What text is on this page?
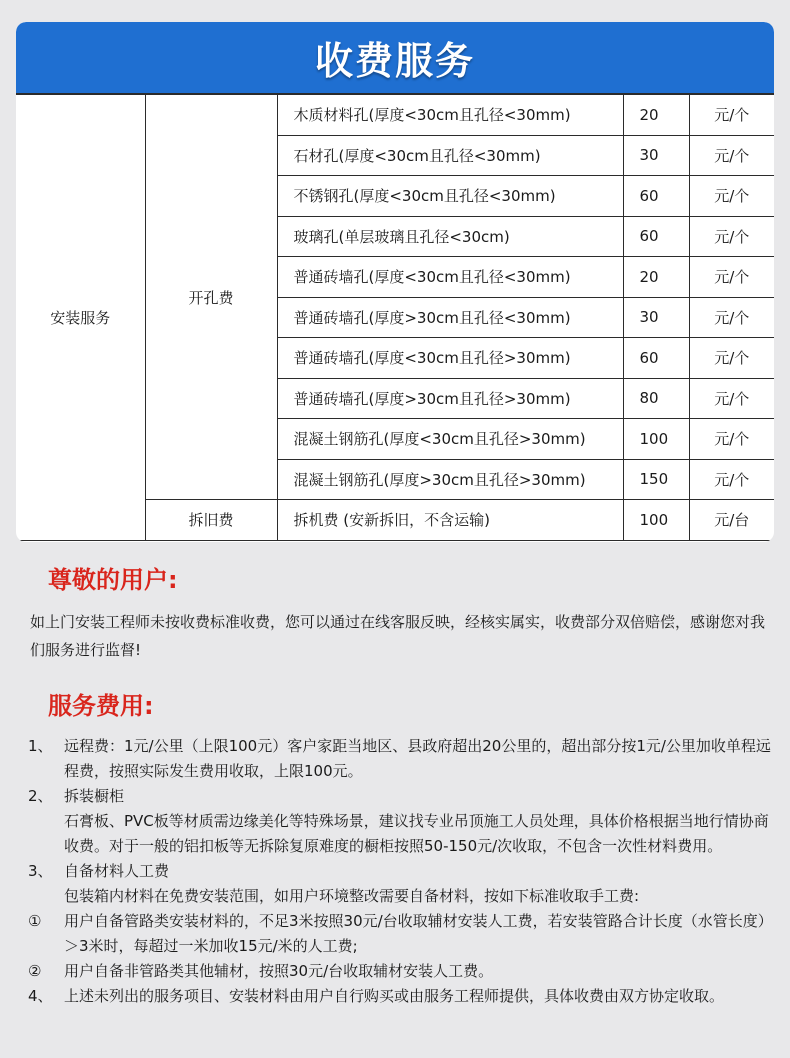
收费服务
安装服务	开孔费	木质材料孔(厚度<30cm且孔径<30mm)	20	元/个
		石材孔(厚度<30cm且孔径<30mm)	30	元/个
		不锈钢孔(厚度<30cm且孔径<30mm)	60	元/个
		玻璃孔(单层玻璃且孔径<30cm)	60	元/个
		普通砖墙孔(厚度<30cm且孔径<30mm)	20	元/个
		普通砖墙孔(厚度>30cm且孔径<30mm)	30	元/个
		普通砖墙孔(厚度<30cm且孔径>30mm)	60	元/个
		普通砖墙孔(厚度>30cm且孔径>30mm)	80	元/个
		混凝土钢筋孔(厚度<30cm且孔径>30mm)	100	元/个
		混凝土钢筋孔(厚度>30cm且孔径>30mm)	150	元/个
	拆旧费	拆机费 (安新拆旧，不含运输)	100	元/台
尊敬的用户:
如上门安装工程师未按收费标准收费，您可以通过在线客服反映，经核实属实，收费部分双倍赔偿，感谢您对我们服务进行监督!
服务费用:
1、 远程费：1元/公里（上限100元）客户家距当地区、县政府超出20公里的，超出部分按1元/公里加收单程远程费，按照实际发生费用收取，上限100元。
2、 拆装橱柜
石膏板、PVC板等材质需边缘美化等特殊场景，建议找专业吊顶施工人员处理，具体价格根据当地行情协商收费。对于一般的铝扣板等无拆除复原难度的橱柜按照50-150元/次收取，不包含一次性材料费用。
3、 自备材料人工费
包装箱内材料在免费安装范围，如用户环境整改需要自备材料，按如下标准收取手工费:
①	用户自备管路类安装材料的，不足3米按照30元/台收取辅材安装人工费，若安装管路合计长度（水管长度）＞3米时，每超过一米加收15元/米的人工费;
②	用户自备非管路类其他辅材，按照30元/台收取辅材安装人工费。
4、 上述未列出的服务项目、安装材料由用户自行购买或由服务工程师提供，具体收费由双方协定收取。
